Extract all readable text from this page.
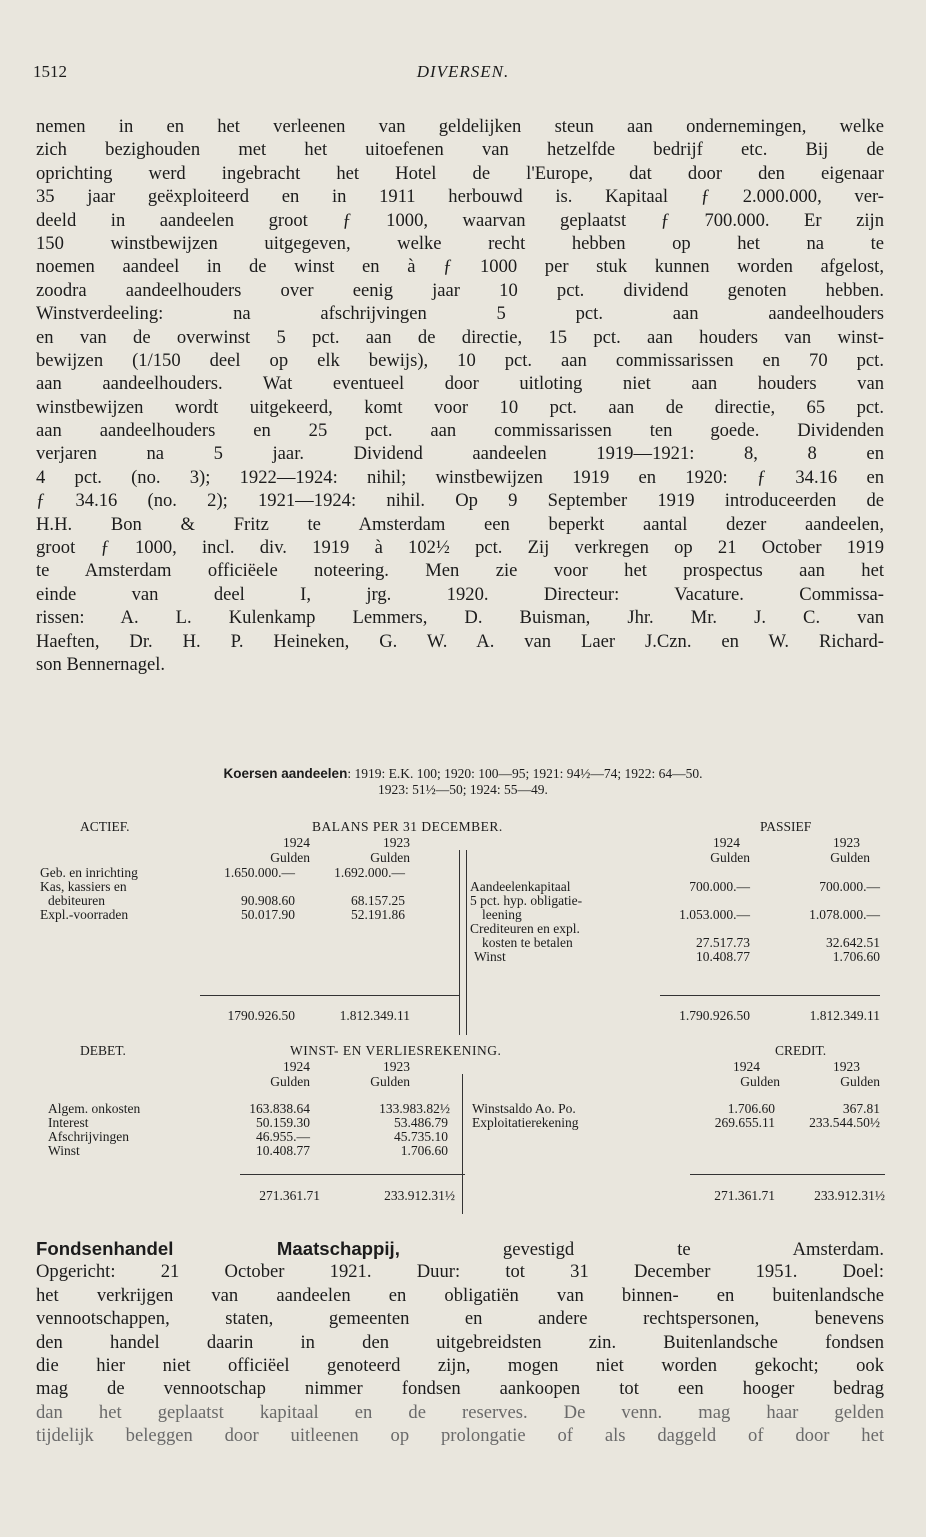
1512	DIVERSEN.
nemen in en het verleenen van geldelijken steun aan ondernemingen, welke
zich bezighouden met het uitoefenen van hetzelfde bedrijf etc. Bij de
oprichting werd ingebracht het Hotel de l'Europe, dat door den eigenaar
35 jaar geëxploiteerd en in 1911 herbouwd is. Kapitaal ƒ 2.000.000, ver-
deeld in aandeelen groot ƒ 1000, waarvan geplaatst ƒ 700.000. Er zijn
150 winstbewijzen uitgegeven, welke recht hebben op het na te
noemen aandeel in de winst en à ƒ 1000 per stuk kunnen worden afgelost,
zoodra aandeelhouders over eenig jaar 10 pct. dividend genoten hebben.
Winstverdeeling: na afschrijvingen 5 pct. aan aandeelhouders
en van de overwinst 5 pct. aan de directie, 15 pct. aan houders van winst-
bewijzen (1/150 deel op elk bewijs), 10 pct. aan commissarissen en 70 pct.
aan aandeelhouders. Wat eventueel door uitloting niet aan houders van
winstbewijzen wordt uitgekeerd, komt voor 10 pct. aan de directie, 65 pct.
aan aandeelhouders en 25 pct. aan commissarissen ten goede. Dividenden
verjaren na 5 jaar. Dividend aandeelen 1919—1921: 8, 8 en
4 pct. (no. 3); 1922—1924: nihil; winstbewijzen 1919 en 1920: ƒ 34.16 en
ƒ 34.16 (no. 2); 1921—1924: nihil. Op 9 September 1919 introduceerden de
H.H. Bon & Fritz te Amsterdam een beperkt aantal dezer aandeelen,
groot ƒ 1000, incl. div. 1919 à 102½ pct. Zij verkregen op 21 October 1919
te Amsterdam officiëele noteering. Men zie voor het prospectus aan het
einde van deel I, jrg. 1920. Directeur: Vacature. Commissa-
rissen: A. L. Kulenkamp Lemmers, D. Buisman, Jhr. Mr. J. C. van
Haeften, Dr. H. P. Heineken, G. W. A. van Laer J.Czn. en W. Richard-
son Bennernagel.
Koersen aandeelen: 1919: E.K. 100; 1920: 100—95; 1921: 94½—74; 1922: 64—50.
1923: 51½—50; 1924: 55—49.
ACTIEF.	BALANS PER 31 DECEMBER.	PASSIEF
1924	1923
Gulden	Gulden
1924	1923
Gulden	Gulden
Geb. en inrichting	1.650.000.—	1.692.000.—
Kas, kassiers en
debiteuren	90.908.60	68.157.25
Expl.-voorraden	50.017.90	52.191.86
Aandeelenkapitaal	700.000.—	700.000.—
5 pct. hyp. obligatie-
leening	1.053.000.—	1.078.000.—
Crediteuren en expl.
kosten te betalen	27.517.73	32.642.51
Winst	10.408.77	1.706.60
1790.926.50	1.812.349.11	1.790.926.50	1.812.349.11
DEBET.	WINST- EN VERLIESREKENING.	CREDIT.
1924	1923
Gulden	Gulden
1924	1923
Gulden	Gulden
Algem. onkosten	163.838.64	133.983.82½
Interest	50.159.30	53.486.79
Afschrijvingen	46.955.—	45.735.10
Winst	10.408.77	1.706.60
Winstsaldo Ao. Po.	1.706.60	367.81
Exploitatierekening	269.655.11	233.544.50½
271.361.71	233.912.31½	271.361.71	233.912.31½
Fondsenhandel Maatschappij, gevestigd te Amsterdam.
Opgericht: 21 October 1921. Duur: tot 31 December 1951. Doel:
het verkrijgen van aandeelen en obligatiën van binnen- en buitenlandsche
vennootschappen, staten, gemeenten en andere rechtspersonen, benevens
den handel daarin in den uitgebreidsten zin. Buitenlandsche fondsen
die hier niet officiëel genoteerd zijn, mogen niet worden gekocht; ook
mag de vennootschap nimmer fondsen aankoopen tot een hooger bedrag
dan het geplaatst kapitaal en de reserves. De venn. mag haar gelden
tijdelijk beleggen door uitleenen op prolongatie of als daggeld of door het
